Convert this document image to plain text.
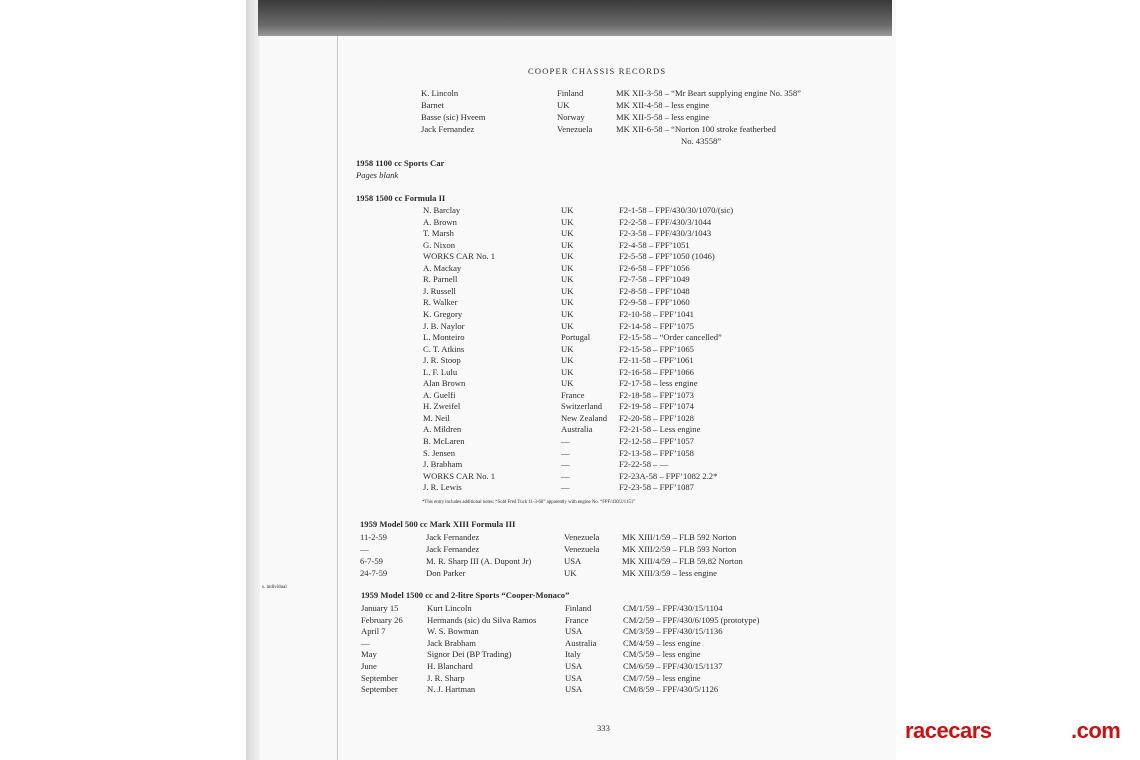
COOPER CHASSIS RECORDS
K. Lincoln	Finland	MK XII-3-58 – “Mr Beart supplying engine No. 358”
Barnet	UK	MK XII-4-58 – less engine
Basse (sic) Hveem	Norway	MK XII-5-58 – less engine
Jack Fernandez	Venezuela	MK XII-6-58 – “Norton 100 stroke featherbed
No. 43558”
1958 1100 cc Sports Car
Pages blank
1958 1500 cc Formula II
N. Barclay	UK	F2-1-58 – FPF/430/30/1070/(sic)
A. Brown	UK	F2-2-58 – FPF/430/3/1044
T. Marsh	UK	F2-3-58 – FPF/430/3/1043
G. Nixon	UK	F2-4-58 – FPF’1051
WORKS CAR No. 1	UK	F2-5-58 – FPF’1050 (1046)
A. Mackay	UK	F2-6-58 – FPF’1056
R. Parnell	UK	F2-7-58 – FPF’1049
J. Russell	UK	F2-8-58 – FPF’1048
R. Walker	UK	F2-9-58 – FPF’1060
K. Gregory	UK	F2-10-58 – FPF’1041
J. B. Naylor	UK	F2-14-58 – FPF’1075
L. Monteiro	Portugal	F2-15-58 – “Order cancelled”
C. T. Atkins	UK	F2-15-58 – FPF’1065
J. R. Stoop	UK	F2-11-58 – FPF’1061
L. F. Lulu	UK	F2-16-58 – FPF’1066
Alan Brown	UK	F2-17-58 – less engine
A. Guelfi	France	F2-18-58 – FPF’1073
H. Zweifel	Switzerland F2-19-58 – FPF’1074
M. Neil	New Zealand F2-20-58 – FPF’1028
A. Mildren	Australia	F2-21-58 – Less engine
B. McLaren	—	F2-12-58 – FPF’1057
S. Jensen	—	F2-13-58 – FPF’1058
J. Brabham	—	F2-22-58 – —
WORKS CAR No. 1	—	F2-23A-58 – FPF’1082 2.2*
J. R. Lewis	—	F2-23-58 – FPF’1087
1959 Model 500 cc Mark XIII Formula III
11-2-59	Jack Fernandez	Venezuela	MK XIII/1/59 – FLB 592 Norton
—	Jack Fernandez	Venezuela	MK XIII/2/59 – FLB 593 Norton
6-7-59	M. R. Sharp III (A. Dupont Jr)	USA	MK XIII/4/59 – FLB 59.82 Norton
24-7-59	Don Parker	UK	MK XIII/3/59 – less engine
1959 Model 1500 cc and 2-litre Sports “Cooper-Monaco”
January 15	Kurt Lincoln	Finland	CM/1/59 – FPF/430/15/1104
February 26	Hermands (sic) du Silva Ramos	France	CM/2/59 – FPF/430/6/1095 (prototype)
April 7	W. S. Bowman	USA	CM/3/59 – FPF/430/15/1136
—	Jack Brabham	Australia	CM/4/59 – less engine
May	Signor Dei (BP Trading)	Italy	CM/5/59 – less engine
June	H. Blanchard	USA	CM/6/59 – FPF/430/15/1137
September	J. R. Sharp	USA	CM/7/59 – less engine
September	N. J. Hartman	USA	CM/8/59 – FPF/430/5/1126
*This entry includes additional notes: “Sold Fred Tuck 11-3-60” apparently with engine No. “FPF/430/2/1151”
s. individual
333	racecars	.com
